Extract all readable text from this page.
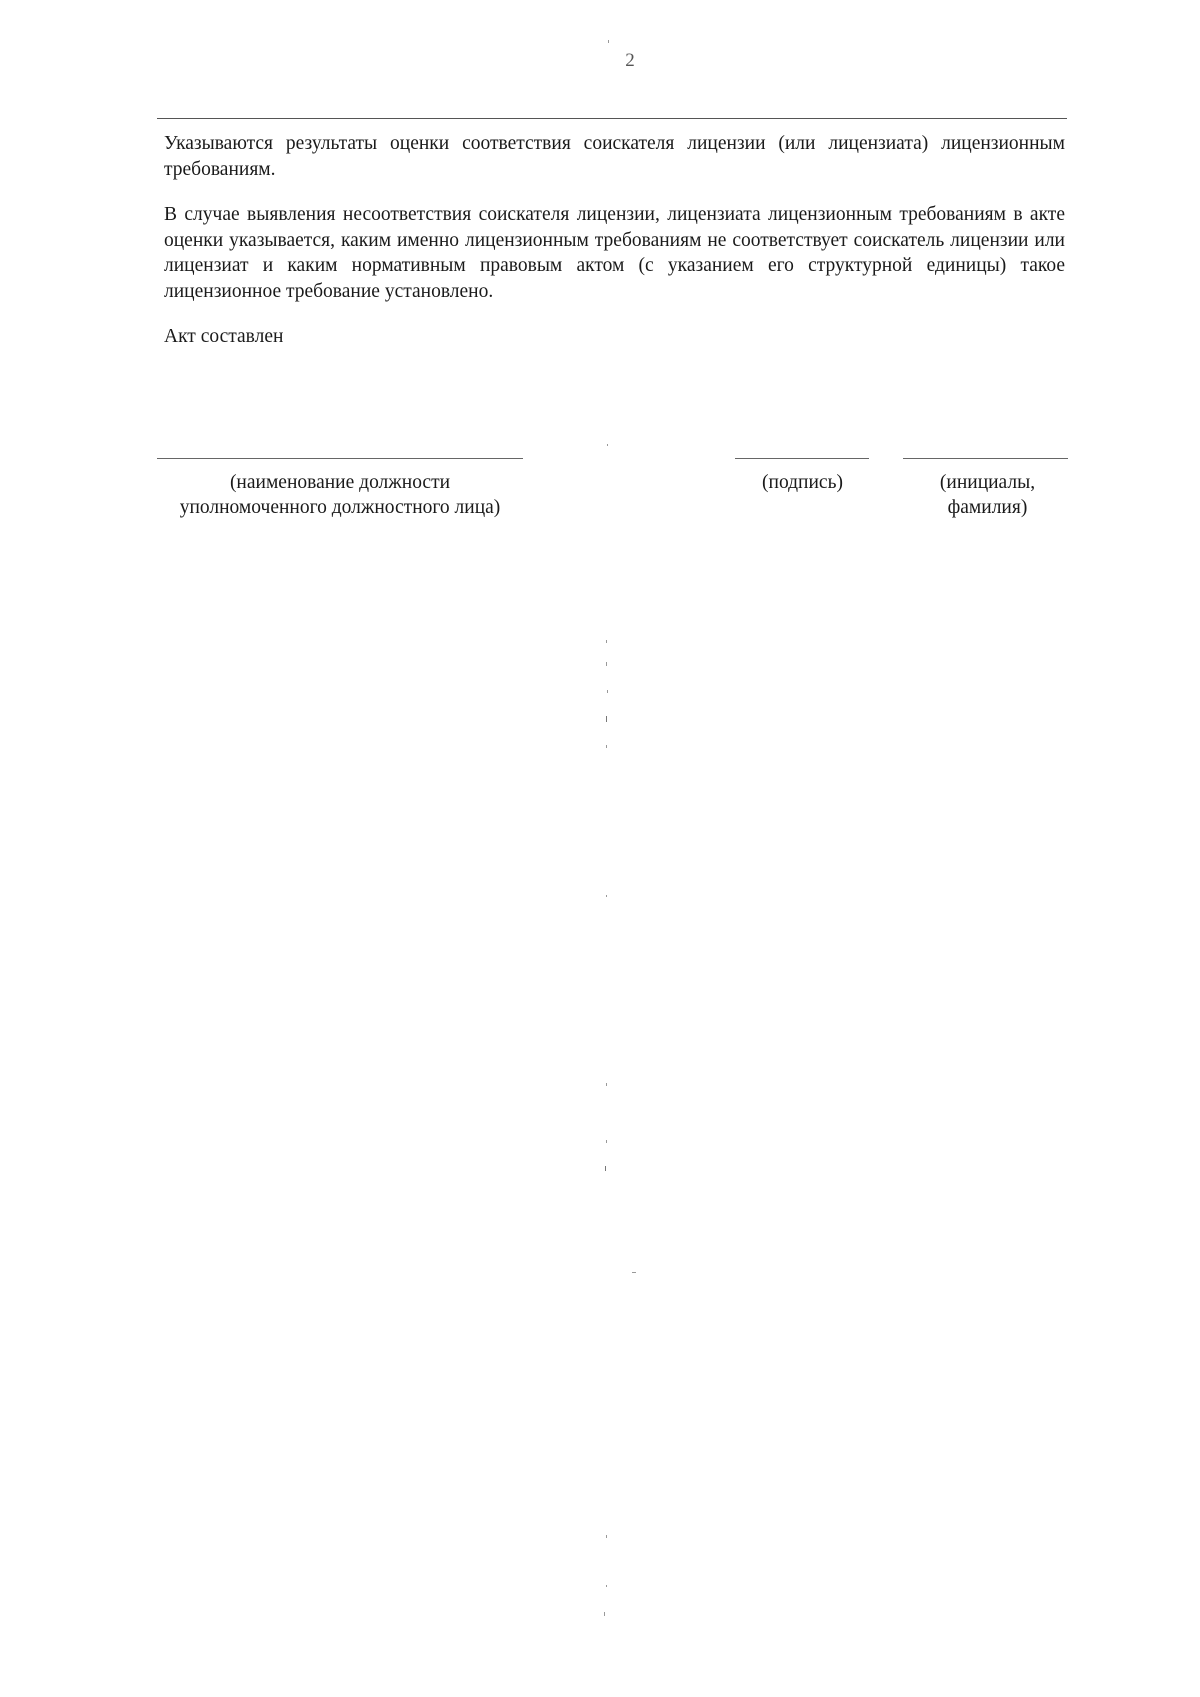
2

Указываются результаты оценки соответствия соискателя лицензии (или лицензиата) лицензионным требованиям.

В случае выявления несоответствия соискателя лицензии, лицензиата лицензионным требованиям в акте оценки указывается, каким именно лицензионным требованиям не соответствует соискатель лицензии или лицензиат и каким нормативным правовым актом (с указанием его структурной единицы) такое лицензионное требование установлено.

Акт составлен

(наименование должности уполномоченного должностного лица)
(подпись)	(инициалы, фамилия)
